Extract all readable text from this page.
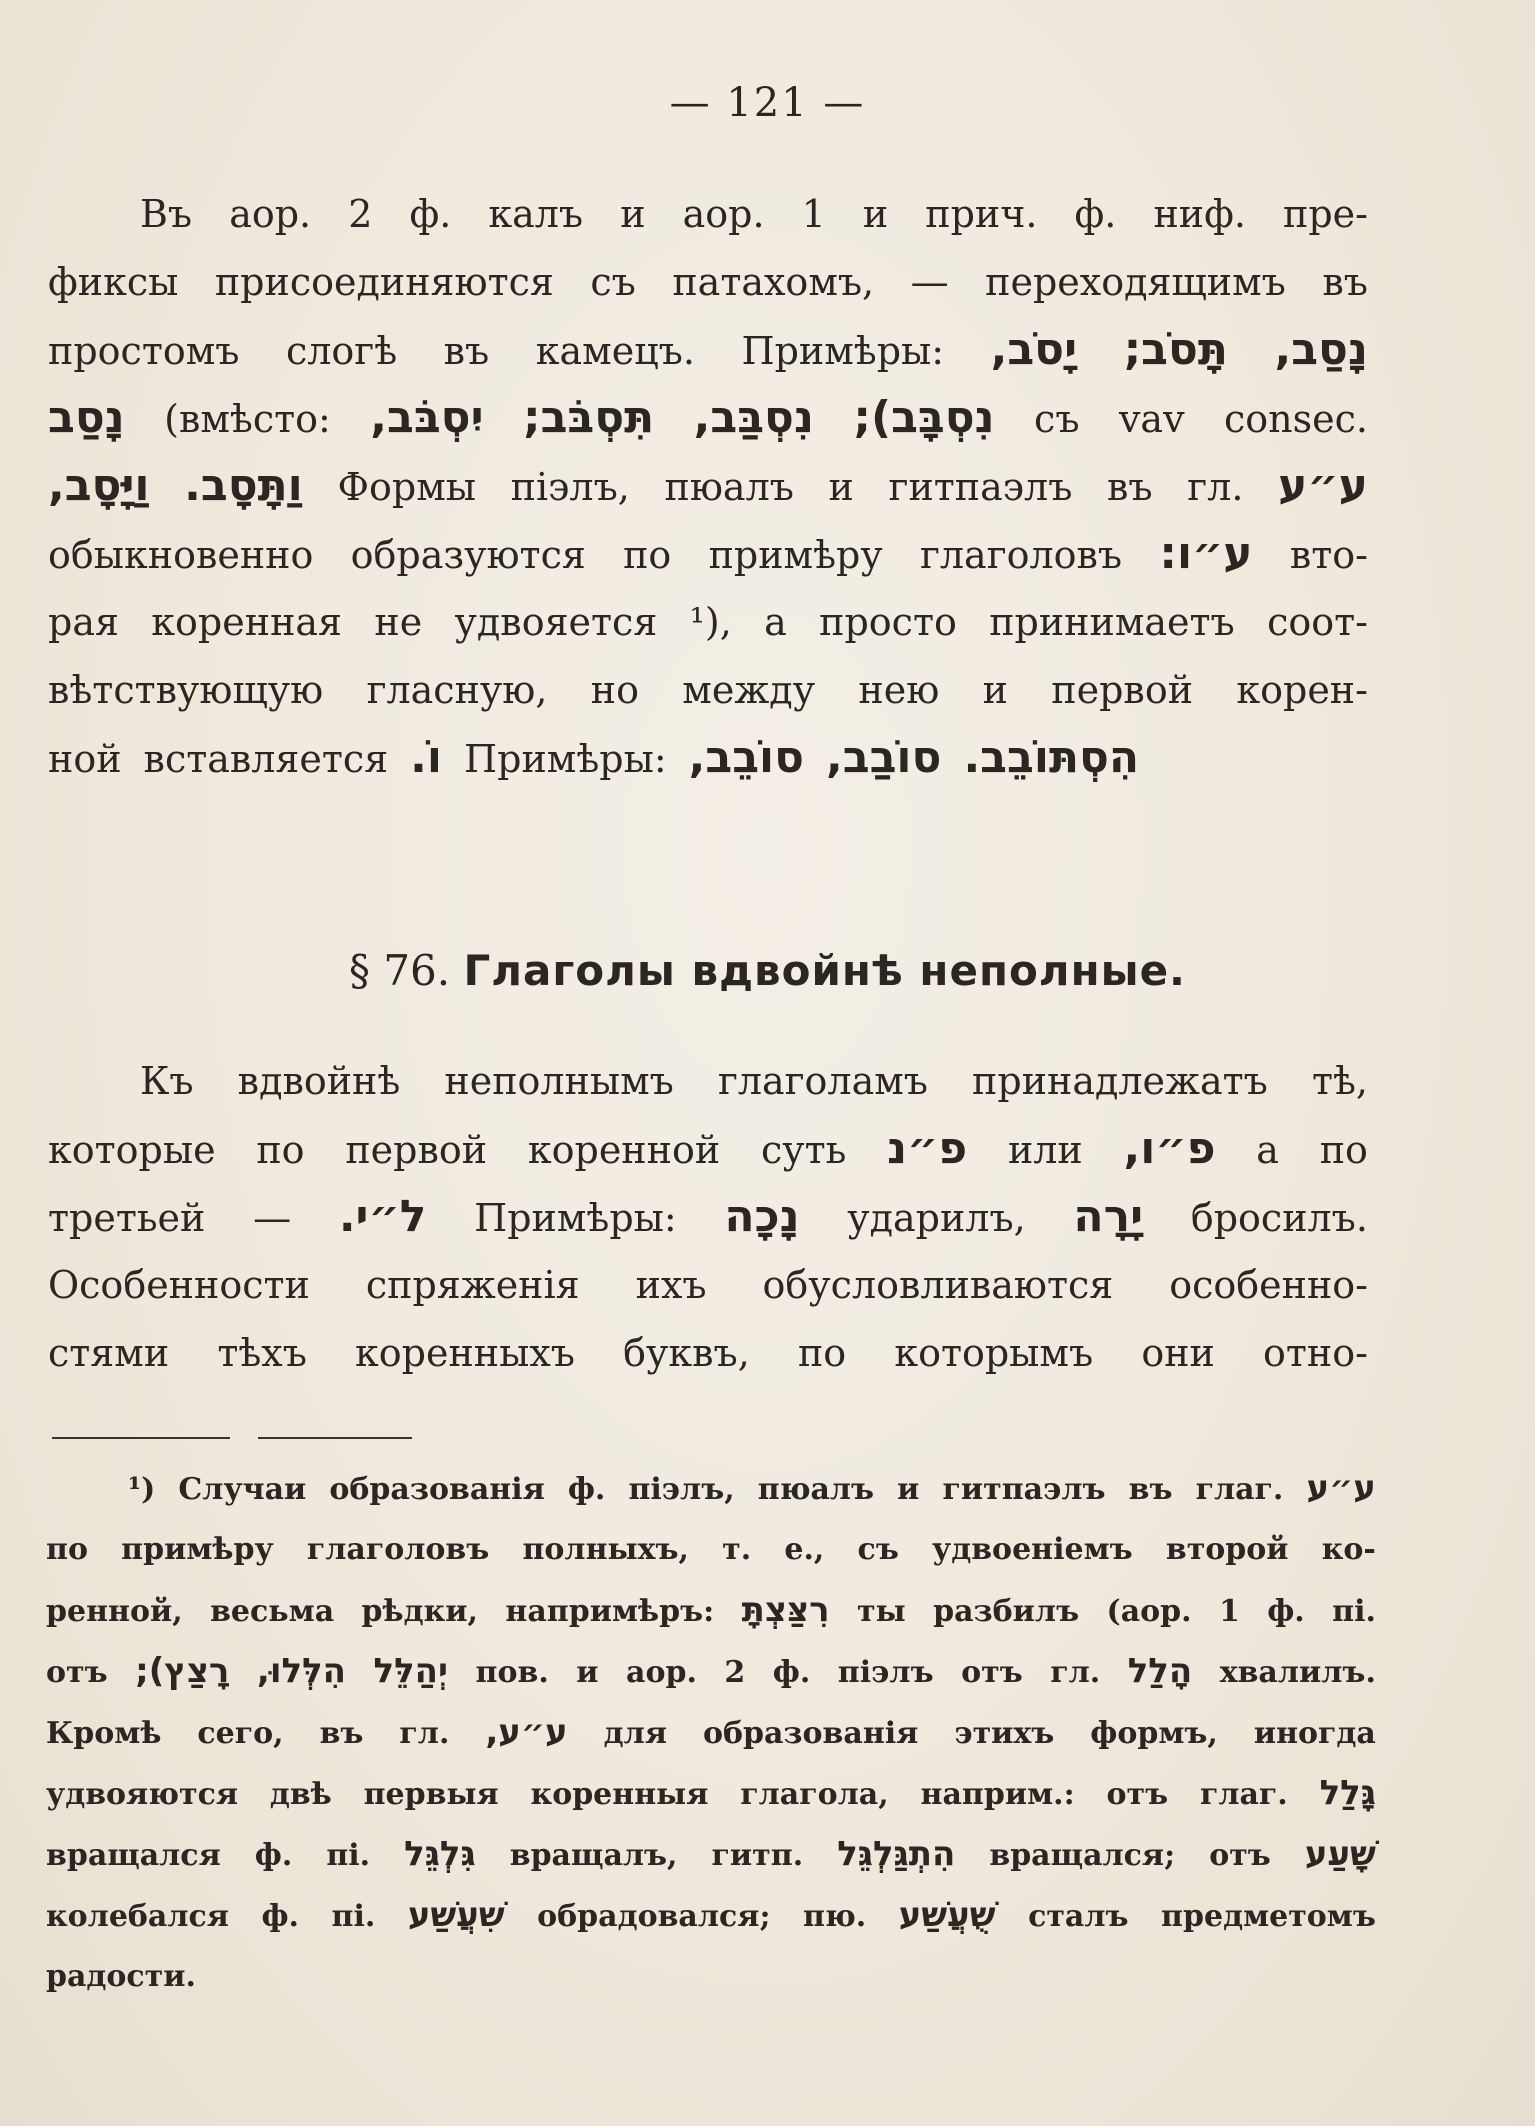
— 121 —
Въ аор. 2 ф. калъ и аор. 1 и прич. ф. ниф. пре-
фиксы присоединяются съ патахомъ, — переходящимъ въ
простомъ слогѣ въ камецъ. Примѣры: יָסֹב, תָּסֹב; נָסַב,
נָסַב (вмѣсто: יִסְבֹּב, תִּסְבֹּב; נִסְבַּב, נִסְבָּב); съ vav consec.
וַיָּסָב, וַתָּסָב. Формы піэлъ, пюалъ и гитпаэлъ въ гл. ע״ע
обыкновенно образуются по примѣру глаголовъ ע״ו: вто-
рая коренная не удвояется ¹), а просто принимаетъ соот-
вѣтствующую гласную, но между нею и первой корен-
ной вставляется וֹ. Примѣры: סוֹבֵב, סוֹבַב, הִסְתּוֹבֵב.
§ 76. Глаголы вдвойнѣ неполные.
Къ вдвойнѣ неполнымъ глаголамъ принадлежатъ тѣ,
которые по первой коренной суть פ״נ или פ״ו, а по
третьей — ל״י. Примѣры: נָכָה ударилъ, יָרָה бросилъ.
Особенности спряженія ихъ обусловливаются особенно-
стями тѣхъ коренныхъ буквъ, по которымъ они отно-
¹) Случаи образованія ф. піэлъ, пюалъ и гитпаэлъ въ глаг. ע״ע
по примѣру глаголовъ полныхъ, т. е., съ удвоеніемъ второй ко-
ренной, весьма рѣдки, напримѣръ: רִצַּצְתָּ ты разбилъ (аор. 1 ф. пі.
отъ רָצַץ); הִלְּלוּ, יְהַלֵּל пов. и аор. 2 ф. піэлъ отъ гл. הָלַל хвалилъ.
Кромѣ сего, въ гл. ע״ע, для образованія этихъ формъ, иногда
удвояются двѣ первыя коренныя глагола, наприм.: отъ глаг. גָּלַל
вращался ф. пі. גִּלְגֵּל вращалъ, гитп. הִתְגַּלְגֵּל вращался; отъ שָׁעַע
колебался ф. пі. שִׁעֲשַׁע обрадовался; пю. שֻׁעֲשַׁע сталъ предметомъ
радости.
